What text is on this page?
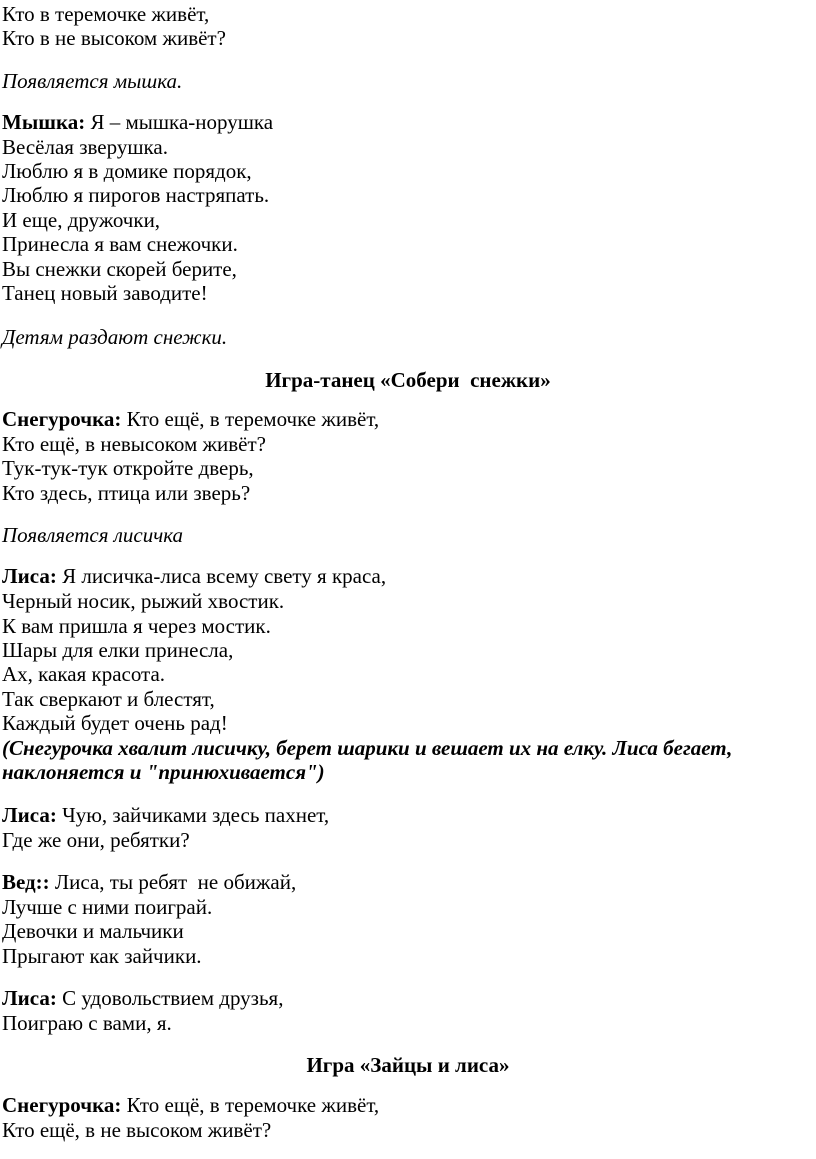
Кто в теремочке живёт,
Кто в не высоком живёт?
Появляется мышка.
Мышка: Я – мышка-норушка
Весёлая зверушка.
Люблю я в домике порядок,
Люблю я пирогов настряпать.
И еще, дружочки,
Принесла я вам снежочки.
Вы снежки скорей берите,
Танец новый заводите!
Детям раздают снежки.
Игра-танец «Собери  снежки»
Снегурочка: Кто ещё, в теремочке живёт,
Кто ещё, в невысоком живёт?
Тук-тук-тук откройте дверь,
Кто здесь, птица или зверь?
Появляется лисичка
Лиса: Я лисичка-лиса всему свету я краса,
Черный носик, рыжий хвостик.
К вам пришла я через мостик.
Шары для елки принесла,
Ах, какая красота.
Так сверкают и блестят,
Каждый будет очень рад!
(Снегурочка хвалит лисичку, берет шарики и вешает их на елку. Лиса бегает,
наклоняется и "принюхивается")
Лиса: Чую, зайчиками здесь пахнет,
Где же они, ребятки?
Вед:: Лиса, ты ребят  не обижай,
Лучше с ними поиграй.
Девочки и мальчики
Прыгают как зайчики.
Лиса: С удовольствием друзья,
Поиграю с вами, я.
Игра «Зайцы и лиса»
Снегурочка: Кто ещё, в теремочке живёт,
Кто ещё, в не высоком живёт?
